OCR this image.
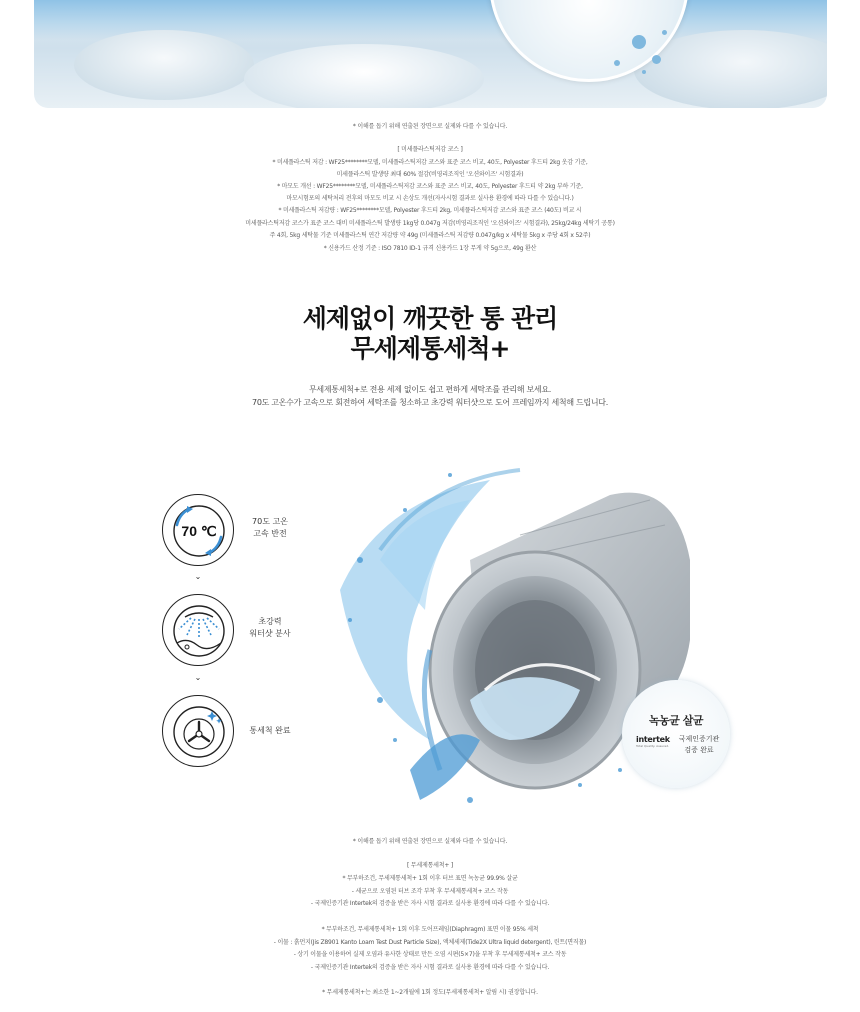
* 이해를 돕기 위해 연출된 장면으로 실제와 다를 수 있습니다.
[ 미세플라스틱저감 코스 ]
* 미세플라스틱 저감 : WF25********모델, 미세플라스틱저감 코스와 표준 코스 비교, 40도, Polyester 후드티 2kg 옷감 기준,
미세플라스틱 발생량 최대 60% 절감(비영리조직인 '오션와이즈' 시험결과)
* 마모도 개선 : WF25********모델, 미세플라스틱저감 코스와 표준 코스 비교, 40도, Polyester 후드티 약 2kg 부하 기준,
마모시험포의 세탁처리 전후의 마모도 비교 시 손상도 개선(자사시험 결과로 실사용 환경에 따라 다를 수 있습니다.)
* 미세플라스틱 저감량 : WF25********모델, Polyester 후드티 2kg, 미세플라스틱저감 코스와 표준 코스 (40도) 비교 시
미세플라스틱저감 코스가 표준 코스 대비 미세플라스틱 발생량 1kg당 0.047g 저감(비영리조직인 '오션와이즈' 시험결과), 25kg/24kg 세탁기 공통)
주 4회, 5kg 세탁물 기준 미세플라스틱 연간 저감량 약 49g (미세플라스틱 저감량 0.047g/kg x 세탁물 5kg x 주당 4회 x 52주)
* 신용카드 산정 기준 : ISO 7810 ID-1 규격 신용카드 1장 무게 약 5g으로, 49g 환산
세제없이 깨끗한 통 관리
무세제통세척+
무세제통세척+로 전용 세제 없이도 쉽고 편하게 세탁조를 관리해 보세요.
70도 고온수가 고속으로 회전하여 세탁조를 청소하고 초강력 워터샷으로 도어 프레임까지 세척해 드립니다.
70 ℃
70도 고온
고속 반전
⌄
초강력
워터샷 분사
⌄
통세척 완료
녹농균 살균
intertek
Total Quality. Assured.
국제인증기관
검증 완료
* 이해를 돕기 위해 연출된 장면으로 실제와 다를 수 있습니다.
[ 무세제통세척+ ]
* 무부하조건, 무세제통세척+ 1회 이후 터브 표면 녹농균 99.9% 살균
- 세균으로 오염된 터브 조각 부착 후 무세제통세척+ 코스 작동
- 국제인증기관 Intertek의 검증을 받은 자사 시험 결과로 실사용 환경에 따라 다를 수 있습니다.
* 무부하조건, 무세제통세척+ 1회 이후 도어프레임(Diaphragm) 표면 이물 95% 세척
- 이물 : 흙먼지(Jis Z8901 Kanto Loam Test Dust Particle Size), 액체세제(Tide2X Ultra liquid detergent), 린트(면직물)
- 상기 이물을 이용하여 실제 오염과 유사한 상태로 만든 오염 시편(5×7)을 부착 후 무세제통세척+ 코스 작동
- 국제인증기관 Intertek의 검증을 받은 자사 시험 결과로 실사용 환경에 따라 다를 수 있습니다.
* 무세제통세척+는 최소한 1~2개월에 1회 정도(무세제통세척+ 알림 시) 권장합니다.
